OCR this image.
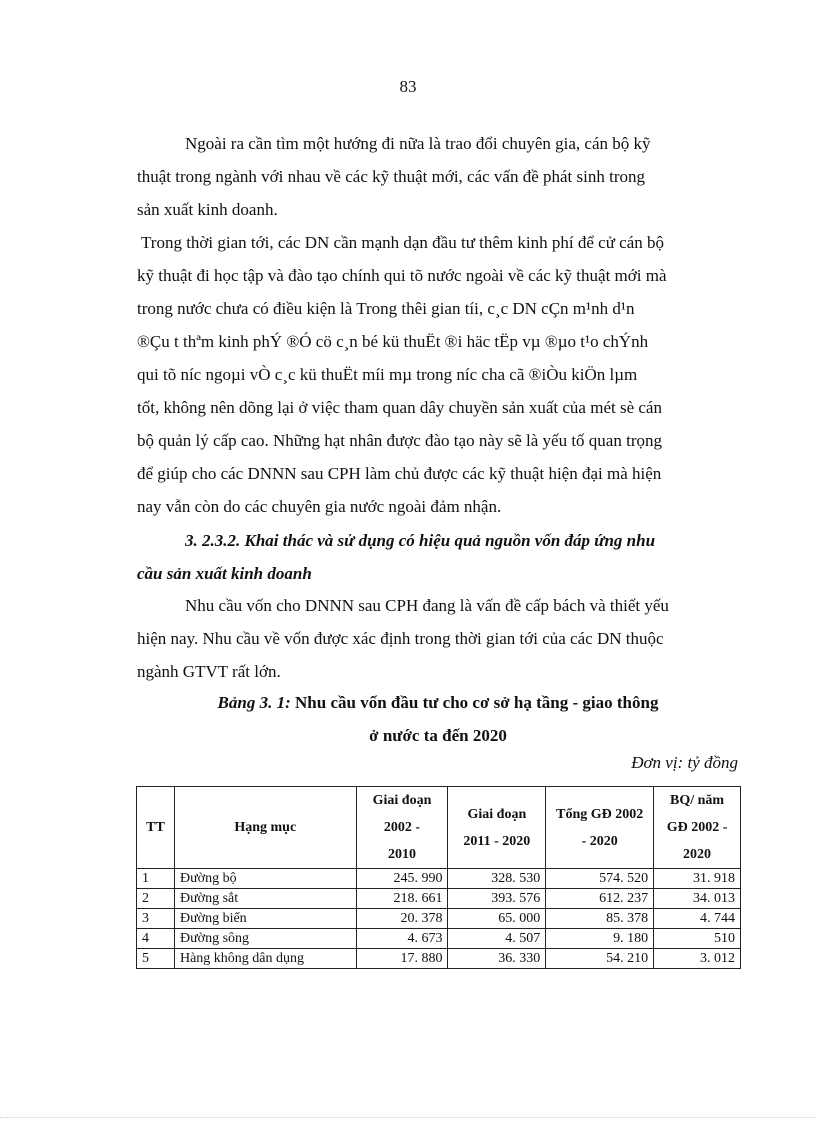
83

Ngoài ra cần tìm một hướng đi nữa là trao đổi chuyên gia, cán bộ kỹ
thuật trong ngành với nhau về các kỹ thuật mới, các vấn đề phát sinh trong
sản xuất kinh doanh.

Trong thời gian tới, các DN cần mạnh dạn đầu tư thêm kinh phí để cử cán bộ
kỹ thuật đi học tập và đào tạo chính qui tõ nước ngoài về các kỹ thuật mới mà
trong nước chưa có điều kiện là Trong thêi gian tíi, c¸c DN cÇn m¹nh d¹n
®Çu t thªm kinh phÝ ®Ó cö c¸n bé kü thuËt ®i häc tËp vµ ®µo t¹o chÝnh
qui tõ níc ngoµi vÒ c¸c kü thuËt míi mµ trong níc cha cã ®iÒu kiÖn lµm
tốt, không nên dõng lại ở việc tham quan dây chuyền sản xuất của mét sè cán
bộ quản lý cấp cao. Những hạt nhân được đào tạo này sẽ là yếu tố quan trọng
để giúp cho các DNNN sau CPH làm chủ được các kỹ thuật hiện đại mà hiện
nay vẫn còn do các chuyên gia nước ngoài đảm nhận.

3. 2.3.2. Khai thác và sử dụng có hiệu quả nguồn vốn đáp ứng nhu
cầu sản xuất kinh doanh

Nhu cầu vốn cho DNNN sau CPH đang là vấn đề cấp bách và thiết yếu
hiện nay. Nhu cầu về vốn được xác định trong thời gian tới của các DN thuộc
ngành GTVT rất lớn.

Bảng 3. 1: Nhu cầu vốn đầu tư cho cơ sở hạ tầng - giao thông
ở nước ta đến 2020

Đơn vị: tỷ đồng
TT	Hạng mục	Giai đoạn 2002 - 2010	Giai đoạn 2011 - 2020	Tổng GĐ 2002 - 2020	BQ/ năm GĐ 2002 - 2020
1	Đường bộ	245. 990	328. 530	574. 520	31. 918
2	Đường sắt	218. 661	393. 576	612. 237	34. 013
3	Đường biển	20. 378	65. 000	85. 378	4. 744
4	Đường sông	4. 673	4. 507	9. 180	510
5	Hàng không dân dụng	17. 880	36. 330	54. 210	3. 012
